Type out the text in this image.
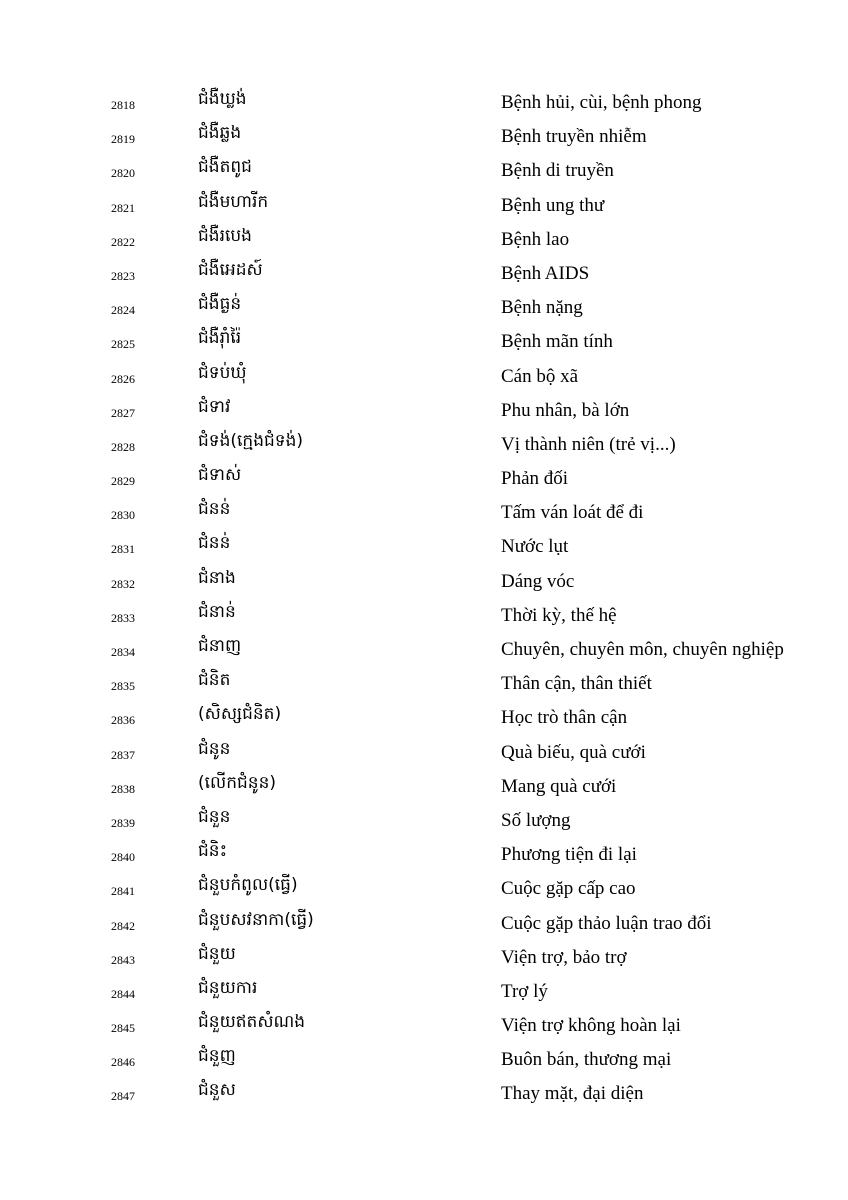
2818	ជំងឺឃ្លង់	Bệnh hủi, cùi, bệnh phong
2819	ជំងឺឆ្លង	Bệnh truyền nhiễm
2820	ជំងឺតពូជ	Bệnh di truyền
2821	ជំងឺមហារីក	Bệnh ung thư
2822	ជំងឺរបេង	Bệnh lao
2823	ជំងឺអេដស៍	Bệnh AIDS
2824	ជំងឺធ្ងន់	Bệnh nặng
2825	ជំងឺរ៉ាំរ៉ៃ	Bệnh mãn tính
2826	ជំទប់ឃុំ	Cán bộ xã
2827	ជំទាវ	Phu nhân, bà lớn
2828	ជំទង់(ក្មេងជំទង់)	Vị thành niên (trẻ vị...)
2829	ជំទាស់	Phản đối
2830	ជំនន់	Tấm ván loát để đi
2831	ជំនន់	Nước lụt
2832	ជំនាង	Dáng vóc
2833	ជំនាន់	Thời kỳ, thế hệ
2834	ជំនាញ	Chuyên, chuyên môn, chuyên nghiệp
2835	ជំនិត	Thân cận, thân thiết
2836	(សិស្សជំនិត)	Học trò thân cận
2837	ជំនូន	Quà biếu, quà cưới
2838	(លើកជំនូន)	Mang quà cưới
2839	ជំនួន	Số lượng
2840	ជំនិះ	Phương tiện đi lại
2841	ជំនួបកំពូល(ធ្វើ)	Cuộc gặp cấp cao
2842	ជំនួបសវនាកា(ធ្វើ)	Cuộc gặp thảo luận trao đổi
2843	ជំនួយ	Viện trợ, bảo trợ
2844	ជំនួយការ	Trợ lý
2845	ជំនួយឥតសំណង	Viện trợ không hoàn lại
2846	ជំនួញ	Buôn bán, thương mại
2847	ជំនួស	Thay mặt, đại diện
